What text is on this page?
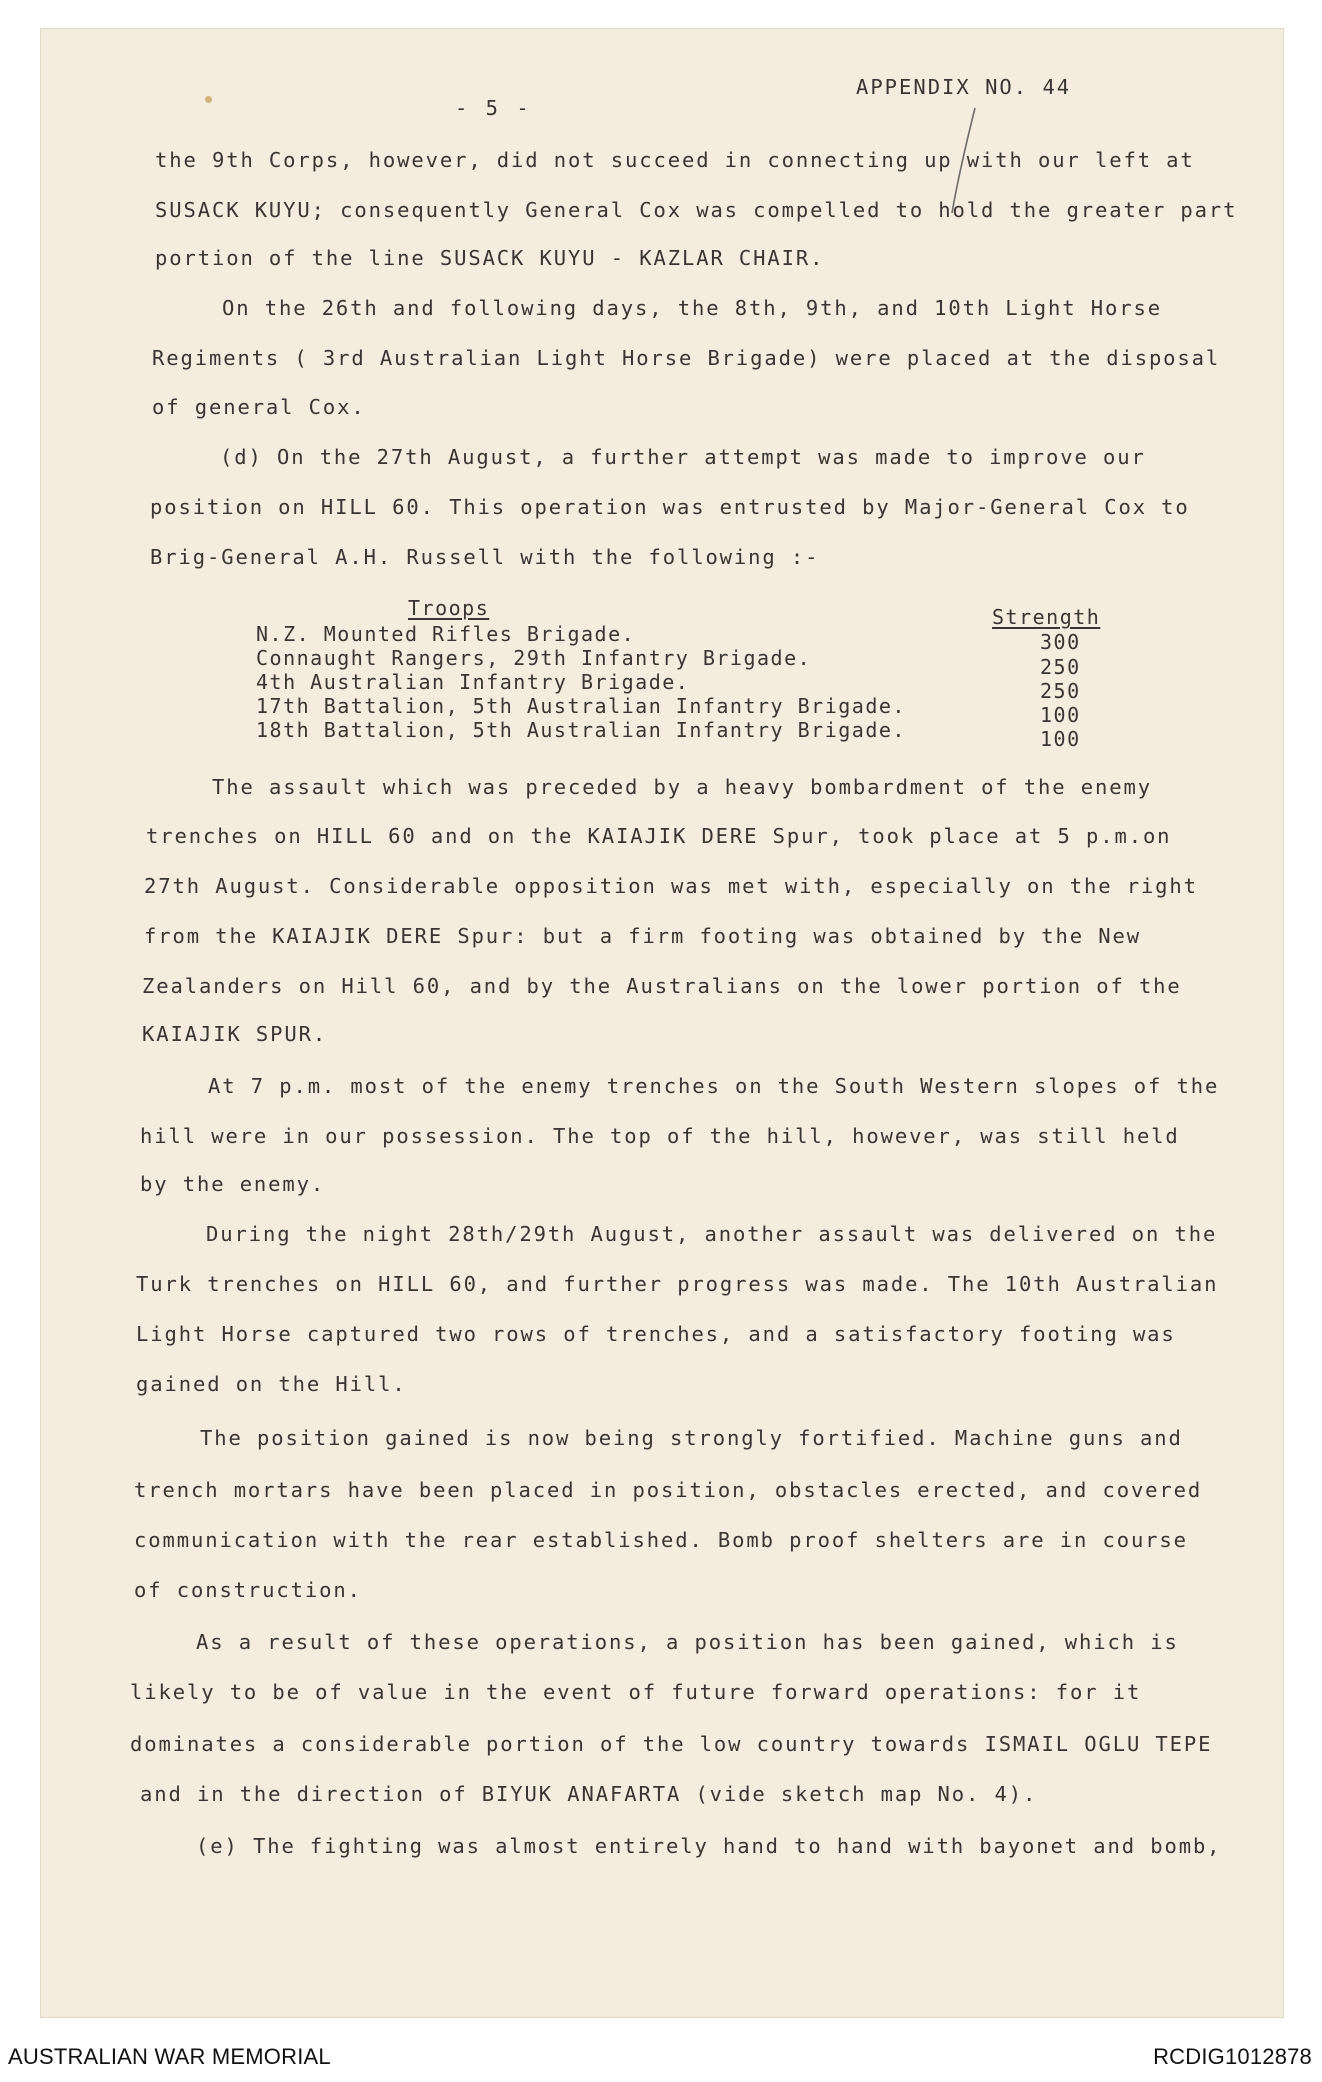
- 5 -
APPENDIX NO. 44
the 9th Corps, however, did not succeed in connecting up with our left at
SUSACK KUYU; consequently General Cox was compelled to hold the greater part
portion of the line SUSACK KUYU - KAZLAR CHAIR.
On the 26th and following days, the 8th, 9th, and 10th Light Horse
Regiments ( 3rd Australian Light Horse Brigade) were placed at the disposal
of general Cox.
(d) On the 27th August, a further attempt was made to improve our
position on HILL 60. This operation was entrusted by Major-General Cox to
Brig-General A.H. Russell with the following :-
Troops	Strength
N.Z. Mounted Rifles Brigade.	300
Connaught Rangers, 29th Infantry Brigade.	250
4th Australian Infantry Brigade.	250
17th Battalion, 5th Australian Infantry Brigade.	100
18th Battalion, 5th Australian Infantry Brigade.	100
The assault which was preceded by a heavy bombardment of the enemy
trenches on HILL 60 and on the KAIAJIK DERE Spur, took place at 5 p.m.on
27th August. Considerable opposition was met with, especially on the right
from the KAIAJIK DERE Spur: but a firm footing was obtained by the New
Zealanders on Hill 60, and by the Australians on the lower portion of the
KAIAJIK SPUR.
At 7 p.m. most of the enemy trenches on the South Western slopes of the
hill were in our possession. The top of the hill, however, was still held
by the enemy.
During the night 28th/29th August, another assault was delivered on the
Turk trenches on HILL 60, and further progress was made. The 10th Australian
Light Horse captured two rows of trenches, and a satisfactory footing was
gained on the Hill.
The position gained is now being strongly fortified. Machine guns and
trench mortars have been placed in position, obstacles erected, and covered
communication with the rear established. Bomb proof shelters are in course
of construction.
As a result of these operations, a position has been gained, which is
likely to be of value in the event of future forward operations: for it
dominates a considerable portion of the low country towards ISMAIL OGLU TEPE
and in the direction of BIYUK ANAFARTA (vide sketch map No. 4).
(e) The fighting was almost entirely hand to hand with bayonet and bomb,
AUSTRALIAN WAR MEMORIAL	RCDIG1012878
